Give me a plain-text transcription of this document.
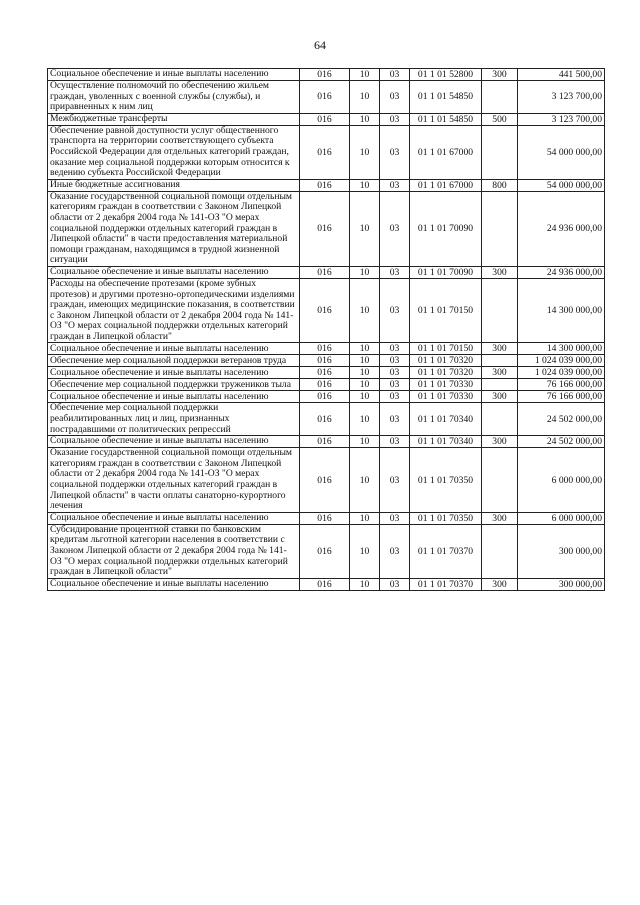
64
Социальное обеспечение и иные выплаты населению	016	10	03	01 1 01 52800	300	441 500,00
Осуществление полномочий по обеспечению жильем граждан, уволенных с военной службы (службы), и приравненных к ним лиц	016	10	03	01 1 01 54850		3 123 700,00
Межбюджетные трансферты	016	10	03	01 1 01 54850	500	3 123 700,00
Обеспечение равной доступности услуг общественного транспорта на территории соответствующего субъекта Российской Федерации для отдельных категорий граждан, оказание мер социальной поддержки которым относится к ведению субъекта Российской Федерации	016	10	03	01 1 01 67000		54 000 000,00
Иные бюджетные ассигнования	016	10	03	01 1 01 67000	800	54 000 000,00
Оказание государственной социальной помощи отдельным категориям граждан в соответствии с Законом Липецкой области от 2 декабря 2004 года № 141-ОЗ "О мерах социальной поддержки отдельных категорий граждан в Липецкой области" в части предоставления материальной помощи гражданам, находящимся в трудной жизненной ситуации	016	10	03	01 1 01 70090		24 936 000,00
Социальное обеспечение и иные выплаты населению	016	10	03	01 1 01 70090	300	24 936 000,00
Расходы на обеспечение протезами (кроме зубных протезов) и другими протезно-ортопедическими изделиями граждан, имеющих медицинские показания, в соответствии с Законом Липецкой области от 2 декабря 2004 года № 141-ОЗ "О мерах социальной поддержки отдельных категорий граждан в Липецкой области"	016	10	03	01 1 01 70150		14 300 000,00
Социальное обеспечение и иные выплаты населению	016	10	03	01 1 01 70150	300	14 300 000,00
Обеспечение мер социальной поддержки ветеранов труда	016	10	03	01 1 01 70320		1 024 039 000,00
Социальное обеспечение и иные выплаты населению	016	10	03	01 1 01 70320	300	1 024 039 000,00
Обеспечение мер социальной поддержки тружеников тыла	016	10	03	01 1 01 70330		76 166 000,00
Социальное обеспечение и иные выплаты населению	016	10	03	01 1 01 70330	300	76 166 000,00
Обеспечение мер социальной поддержки реабилитированных лиц и лиц, признанных пострадавшими от политических репрессий	016	10	03	01 1 01 70340		24 502 000,00
Социальное обеспечение и иные выплаты населению	016	10	03	01 1 01 70340	300	24 502 000,00
Оказание государственной социальной помощи отдельным категориям граждан в соответствии с Законом Липецкой области от 2 декабря 2004 года № 141-ОЗ "О мерах социальной поддержки отдельных категорий граждан в Липецкой области" в части оплаты санаторно-курортного лечения	016	10	03	01 1 01 70350		6 000 000,00
Социальное обеспечение и иные выплаты населению	016	10	03	01 1 01 70350	300	6 000 000,00
Субсидирование процентной ставки по банковским кредитам льготной категории населения в соответствии с Законом Липецкой области от 2 декабря 2004 года № 141-ОЗ "О мерах социальной поддержки отдельных категорий граждан в Липецкой области"	016	10	03	01 1 01 70370		300 000,00
Социальное обеспечение и иные выплаты населению	016	10	03	01 1 01 70370	300	300 000,00
